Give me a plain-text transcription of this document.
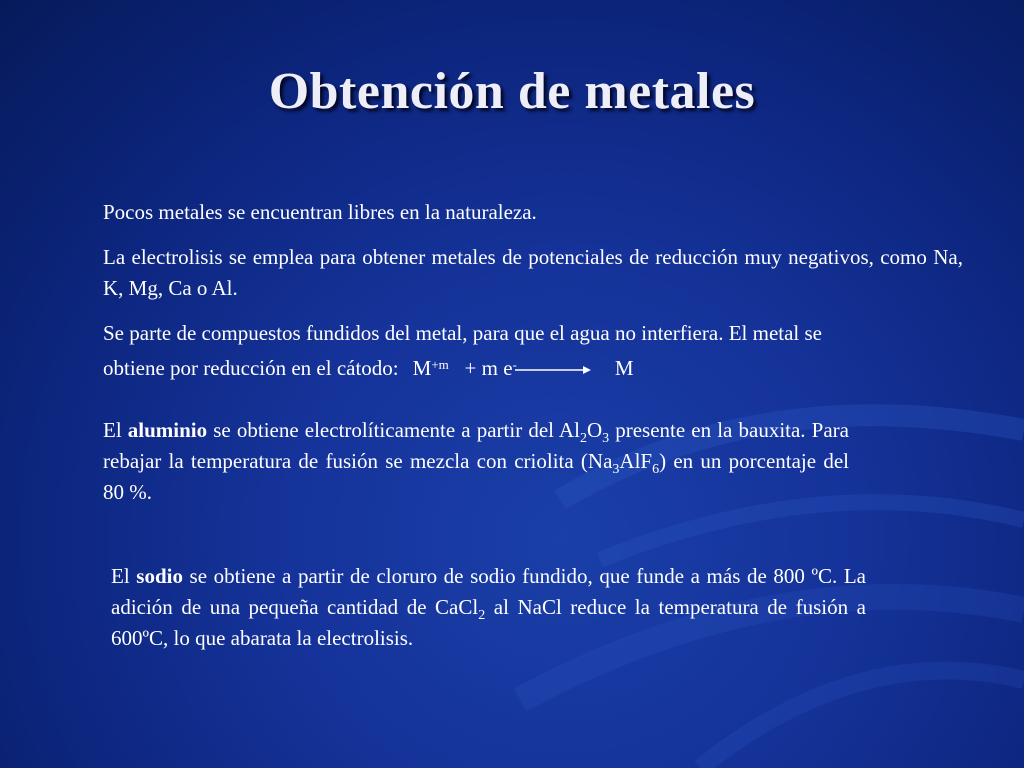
Obtención de metales

Pocos metales se encuentran libres en la naturaleza.

La electrolisis se emplea para obtener metales de potenciales de reducción muy negativos, como Na, K, Mg, Ca o Al.

Se parte de compuestos fundidos del metal, para que el agua no interfiera. El metal se
obtiene por reducción en el cátodo: $M^{+m} + m$ e- → M

El aluminio se obtiene electrolíticamente a partir del $Al_2O_3$ presente en la bauxita. Para rebajar la temperatura de fusión se mezcla con criolita $(Na_3AlF_6)$ en un porcentaje del 80 %.

El sodio se obtiene a partir de cloruro de sodio fundido, que funde a más de 800 ºC. La adición de una pequeña cantidad de CaCl$_2$ al NaCl reduce la temperatura de fusión a 600ºC, lo que abarata la electrolisis.
